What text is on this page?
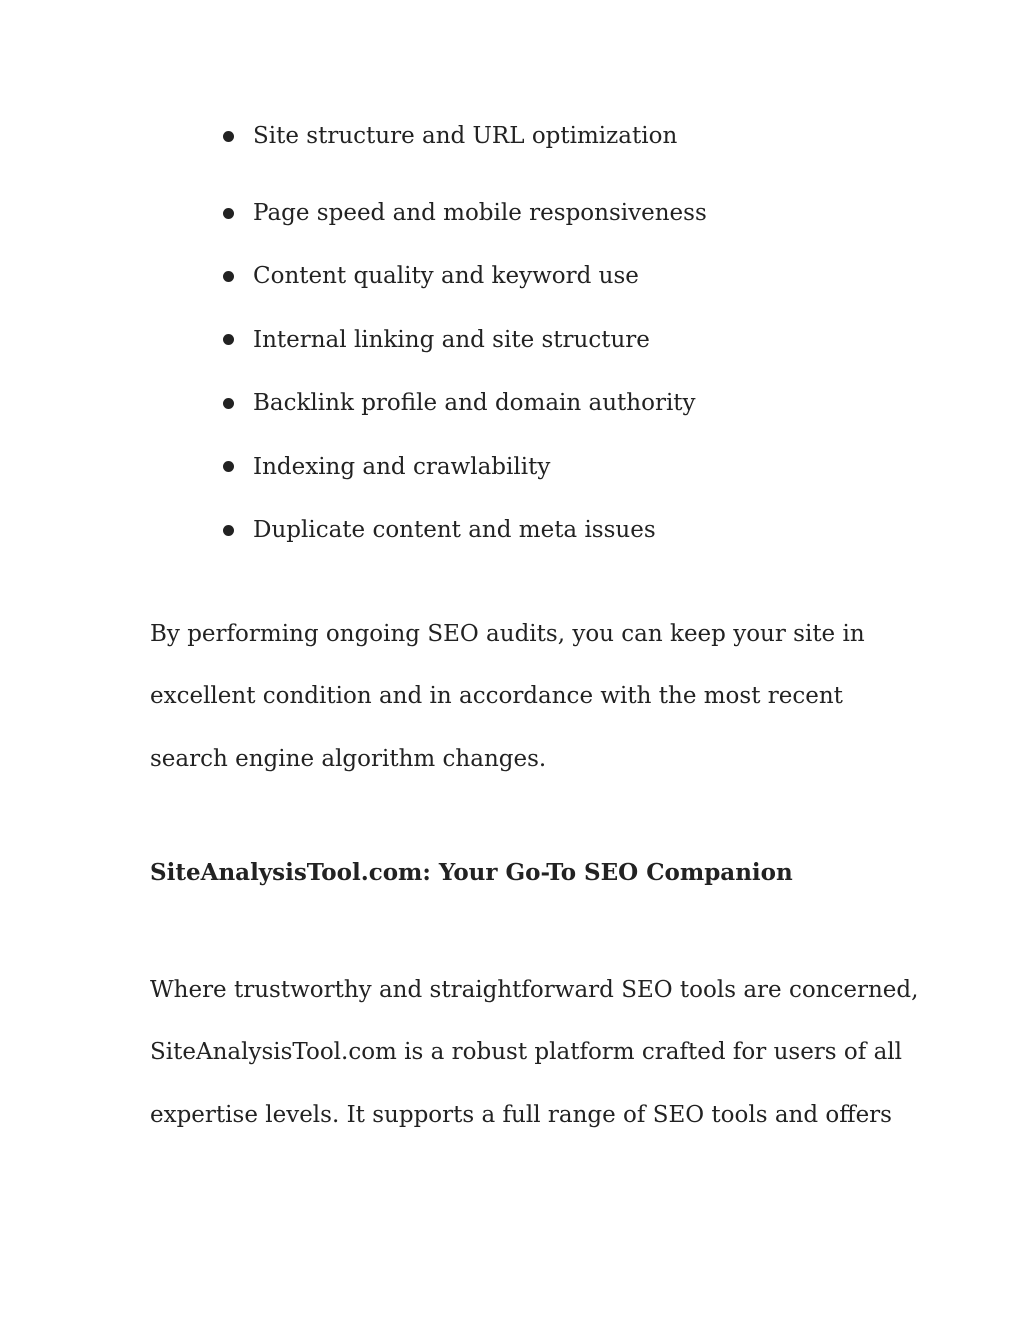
Site structure and URL optimization
Page speed and mobile responsiveness
Content quality and keyword use
Internal linking and site structure
Backlink profile and domain authority
Indexing and crawlability
Duplicate content and meta issues

By performing ongoing SEO audits, you can keep your site in
excellent condition and in accordance with the most recent
search engine algorithm changes.

SiteAnalysisTool.com: Your Go-To SEO Companion

Where trustworthy and straightforward SEO tools are concerned,
SiteAnalysisTool.com is a robust platform crafted for users of all
expertise levels. It supports a full range of SEO tools and offers
